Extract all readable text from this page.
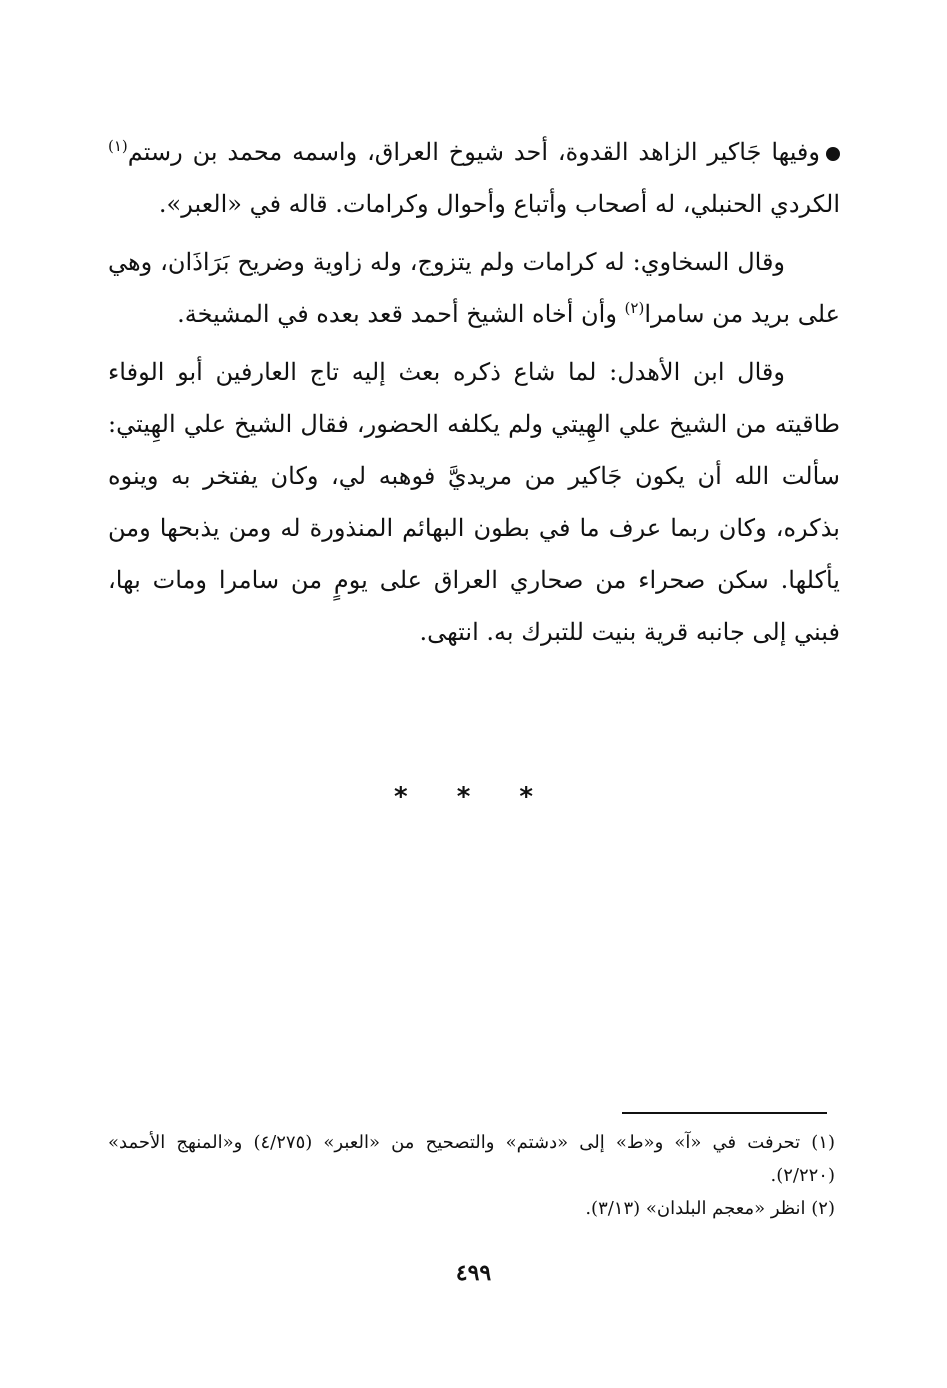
وفيها جَاكير الزاهد القدوة، أحد شيوخ العراق، واسمه محمد بن رستم$^{(١)}$ الكردي الحنبلي، له أصحاب وأتباع وأحوال وكرامات. قاله في «العبر».

وقال السخاوي: له كرامات ولم يتزوج، وله زاوية وضريح بَرَاذَان، وهي على بريد من سامرا$^{(٢)}$ وأن أخاه الشيخ أحمد قعد بعده في المشيخة.

وقال ابن الأهدل: لما شاع ذكره بعث إليه تاج العارفين أبو الوفاء طاقيته من الشيخ علي الهِيتي ولم يكلفه الحضور، فقال الشيخ علي الهِيتي: سألت الله أن يكون جَاكير من مريديَّ فوهبه لي، وكان يفتخر به وينوه بذكره، وكان ربما عرف ما في بطون البهائم المنذورة له ومن يذبحها ومن يأكلها. سكن صحراء من صحاري العراق على يومٍ من سامرا ومات بها، فبني إلى جانبه قرية بنيت للتبرك به. انتهى.

* * *

(١) تحرفت في «آ» و«ط» إلى «دشتم» والتصحيح من «العبر» (٤/٢٧٥) و«المنهج الأحمد» (٢/٢٢٠).

(٢) انظر «معجم البلدان» (٣/١٣).

٤٩٩
